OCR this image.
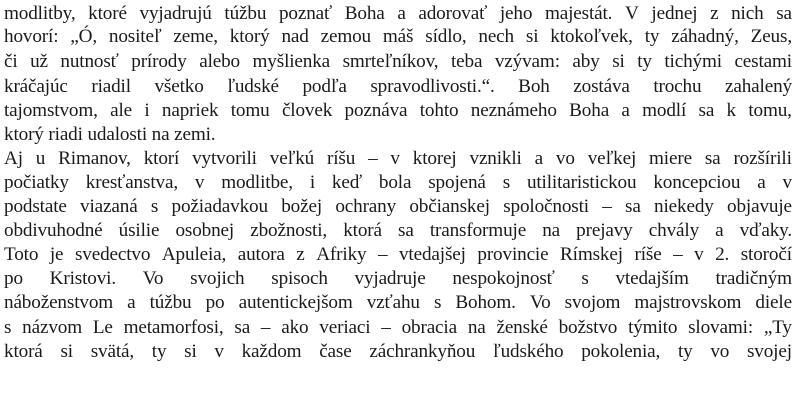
modlitby, ktoré vyjadrujú túžbu poznať Boha a adorovať jeho majestát. V jednej z nich sa
hovorí: „Ó, nositeľ zeme, ktorý nad zemou máš sídlo, nech si ktokoľvek, ty záhadný, Zeus,
či už nutnosť prírody alebo myšlienka smrteľníkov, teba vzývam: aby si ty tichými cestami
kráčajúc riadil všetko ľudské podľa spravodlivosti.“. Boh zostáva trochu zahalený
tajomstvom, ale i napriek tomu človek poznáva tohto neznámeho Boha a modlí sa k tomu,
ktorý riadi udalosti na zemi.
Aj u Rimanov, ktorí vytvorili veľkú ríšu – v ktorej vznikli a vo veľkej miere sa rozšírili
počiatky kresťanstva, v modlitbe, i keď bola spojená s utilitaristickou koncepciou a v
podstate viazaná s požiadavkou božej ochrany občianskej spoločnosti – sa niekedy objavuje
obdivuhodné úsilie osobnej zbožnosti, ktorá sa transformuje na prejavy chvály a vďaky.
Toto je svedectvo Apuleia, autora z Afriky – vtedajšej provincie Rímskej ríše – v 2. storočí
po Kristovi. Vo svojich spisoch vyjadruje nespokojnosť s vtedajším tradičným
náboženstvom a túžbu po autentickejšom vzťahu s Bohom. Vo svojom majstrovskom diele
s názvom Le metamorfosi, sa – ako veriaci – obracia na ženské božstvo týmito slovami: „Ty
ktorá si svätá, ty si v každom čase záchrankyňou ľudského pokolenia, ty vo svojej
